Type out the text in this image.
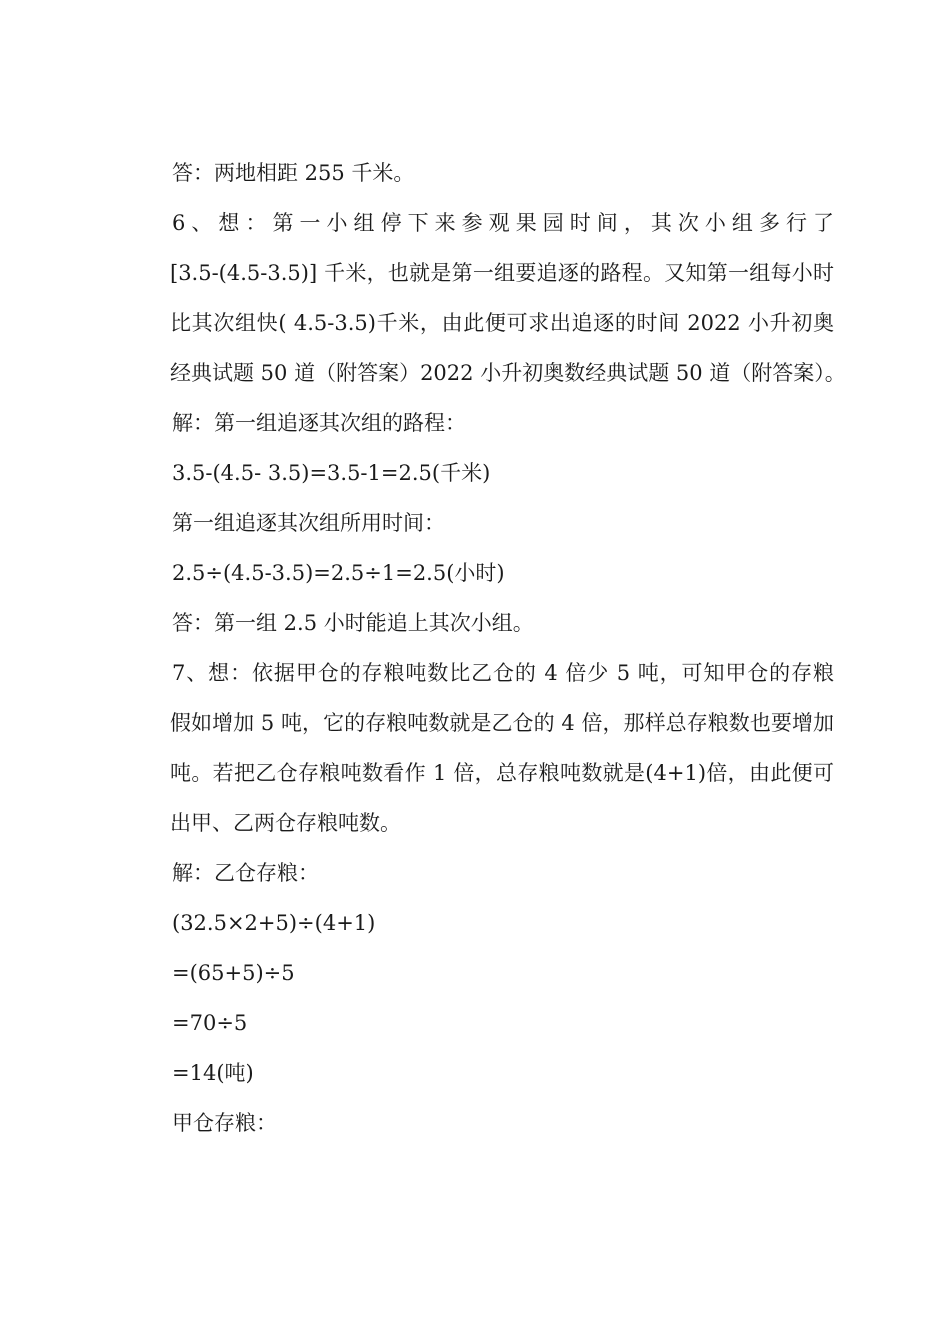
答：两地相距 255 千米。
6、想：第一小组停下来参观果园时间，其次小组多行了
[3.5-(4.5-3.5)] 千米，也就是第一组要追逐的路程。又知第一组每小时
比其次组快( 4.5-3.5)千米，由此便可求出追逐的时间 2022 小升初奥
经典试题 50 道（附答案）2022 小升初奥数经典试题 50 道（附答案）。
解：第一组追逐其次组的路程：
3.5-(4.5- 3.5)=3.5-1=2.5(千米)
第一组追逐其次组所用时间：
2.5÷(4.5-3.5)=2.5÷1=2.5(小时)
答：第一组 2.5 小时能追上其次小组。
7、想：依据甲仓的存粮吨数比乙仓的 4 倍少 5 吨，可知甲仓的存粮
假如增加 5 吨，它的存粮吨数就是乙仓的 4 倍，那样总存粮数也要增加
吨。若把乙仓存粮吨数看作 1 倍，总存粮吨数就是(4+1)倍，由此便可
出甲、乙两仓存粮吨数。
解：乙仓存粮：
(32.5×2+5)÷(4+1)
=(65+5)÷5
=70÷5
=14(吨)
甲仓存粮：
